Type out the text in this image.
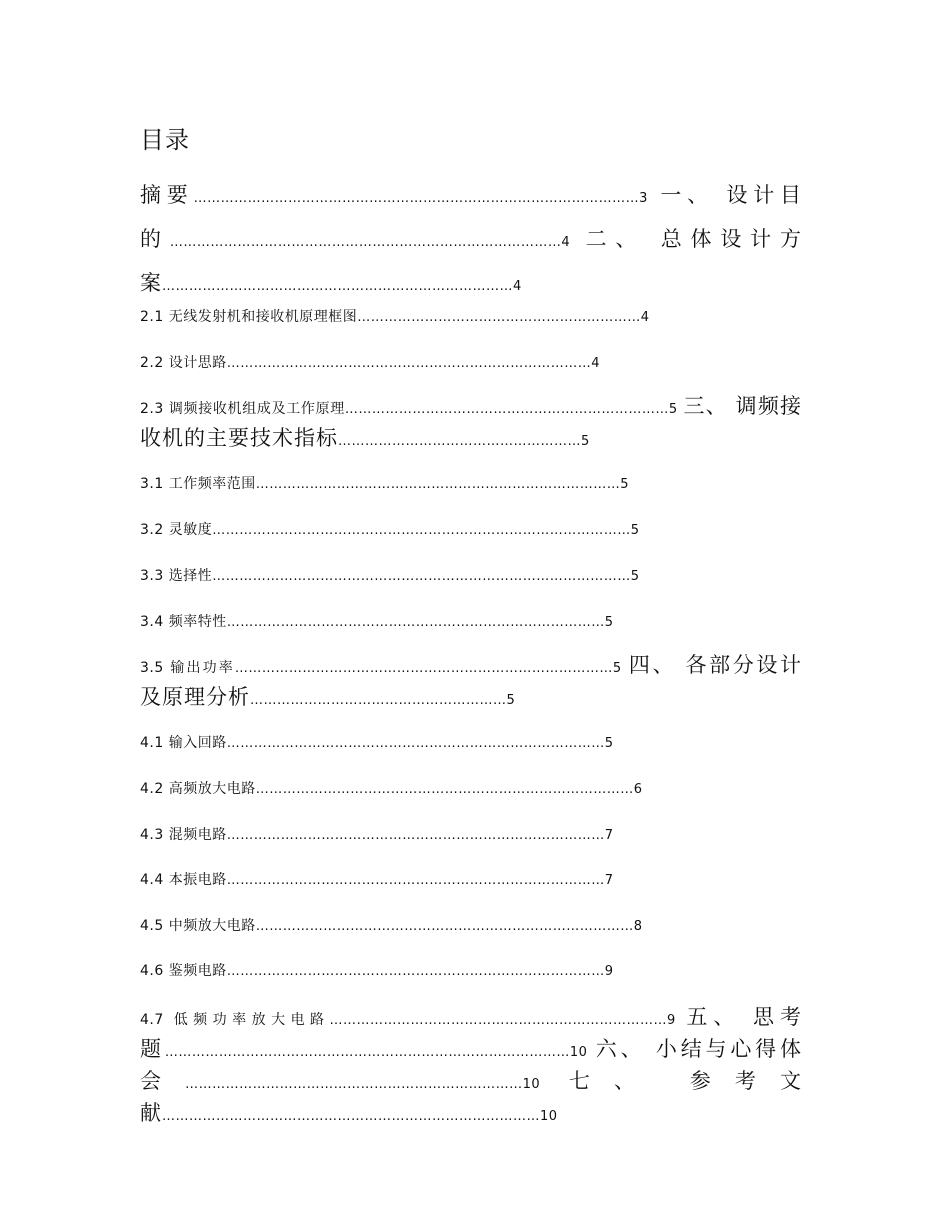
目录
摘要………………………………………………………………………………………3 一、 设计目的……………………………………………………………………………4 二、 总体设计方案……………………………………………………………………4
2.1 无线发射机和接收机原理框图………………………………………………………4
2.2 设计思路………………………………………………………………………4
2.3 调频接收机组成及工作原理………………………………………………………………5 三、 调频接收机的主要技术指标………………………………………………5
3.1 工作频率范围………………………………………………………………………5
3.2 灵敏度…………………………………………………………………………………5
3.3 选择性…………………………………………………………………………………5
3.4 频率特性…………………………………………………………………………5
3.5 输出功率…………………………………………………………………………5 四、 各部分设计及原理分析…………………………………………………5
4.1 输入回路…………………………………………………………………………5
4.2 高频放大电路…………………………………………………………………………6
4.3 混频电路…………………………………………………………………………7
4.4 本振电路…………………………………………………………………………7
4.5 中频放大电路…………………………………………………………………………8
4.6 鉴频电路…………………………………………………………………………9
4.7 低频功率放大电路…………………………………………………………………9 五、 思考题………………………………………………………………………………10 六、 小结与心得体会…………………………………………………………………10 七、 参考文献…………………………………………………………………………10
